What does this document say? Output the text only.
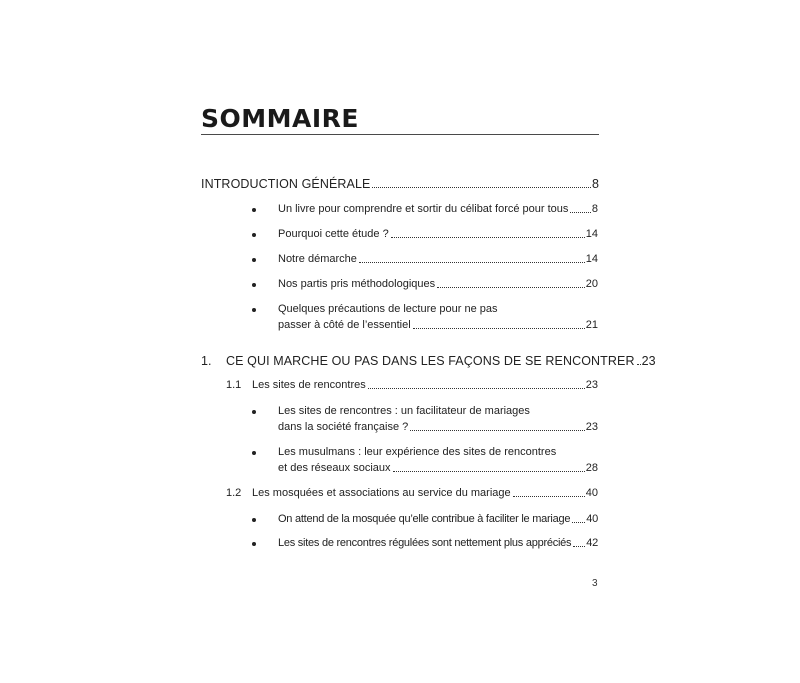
SOMMAIRE
INTRODUCTION GÉNÉRALE	8
Un livre pour comprendre et sortir du célibat forcé pour tous 8
Pourquoi cette étude ?	14
Notre démarche	14
Nos partis pris méthodologiques	20
Quelques précautions de lecture pour ne pas
passer à côté de l’essentiel	21
1. CE QUI MARCHE OU PAS DANS LES FAÇONS DE SE RENCONTRER 23
1.1 Les sites de rencontres	23
Les sites de rencontres : un facilitateur de mariages
dans la société française ?	23
Les musulmans : leur expérience des sites de rencontres
et des réseaux sociaux	28
1.2 Les mosquées et associations au service du mariage	40
On attend de la mosquée qu’elle contribue à faciliter le mariage 40
Les sites de rencontres régulées sont nettement plus appréciés 42
3
